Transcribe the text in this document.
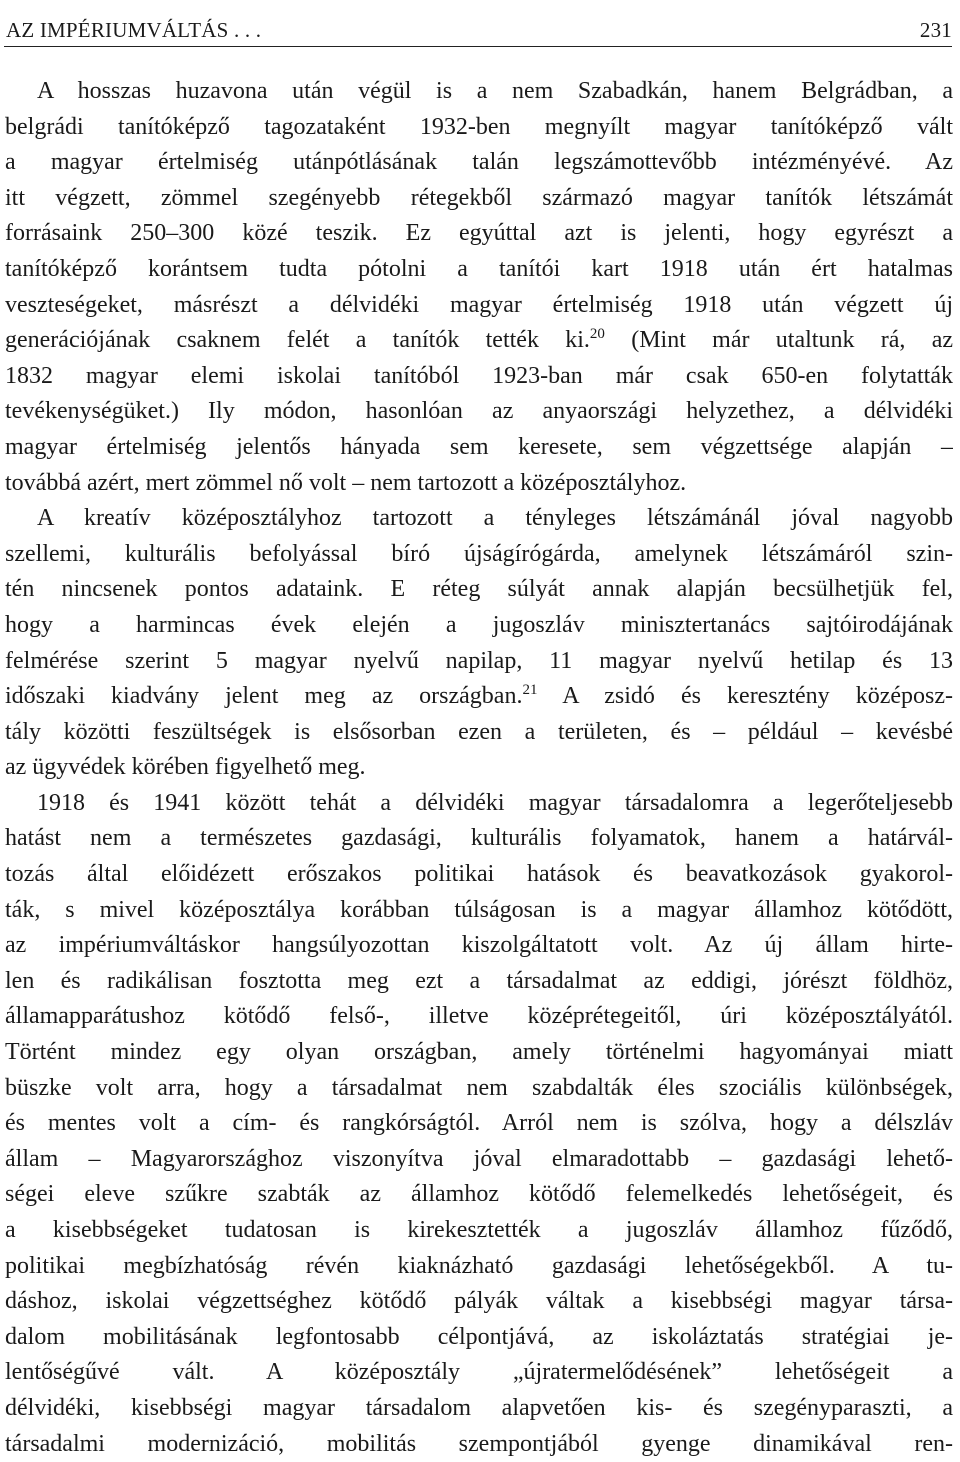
AZ IMPÉRIUMVÁLTÁS . . .	231
A hosszas huzavona után végül is a nem Szabadkán, hanem Belgrádban, a
belgrádi tanítóképző tagozataként 1932-ben megnyílt magyar tanítóképző vált
a magyar értelmiség utánpótlásának talán legszámottevőbb intézményévé. Az
itt végzett, zömmel szegényebb rétegekből származó magyar tanítók létszámát
forrásaink 250–300 közé teszik. Ez egyúttal azt is jelenti, hogy egyrészt a
tanítóképző korántsem tudta pótolni a tanítói kart 1918 után ért hatalmas
veszteségeket, másrészt a délvidéki magyar értelmiség 1918 után végzett új
generációjának csaknem felét a tanítók tették ki.$^{20}$ (Mint már utaltunk rá, az
1832 magyar elemi iskolai tanítóból 1923-ban már csak 650-en folytatták
tevékenységüket.) Ily módon, hasonlóan az anyaországi helyzethez, a délvidéki
magyar értelmiség jelentős hányada sem keresete, sem végzettsége alapján –
továbbá azért, mert zömmel nő volt – nem tartozott a középosztályhoz.
A kreatív középosztályhoz tartozott a tényleges létszámánál jóval nagyobb
szellemi, kulturális befolyással bíró újságírógárda, amelynek létszámáról szin-
tén nincsenek pontos adataink. E réteg súlyát annak alapján becsülhetjük fel,
hogy a harmincas évek elején a jugoszláv minisztertanács sajtóirodájának
felmérése szerint 5 magyar nyelvű napilap, 11 magyar nyelvű hetilap és 13
időszaki kiadvány jelent meg az országban.$^{21}$ A zsidó és keresztény középosz-
tály közötti feszültségek is elsősorban ezen a területen, és – például – kevésbé
az ügyvédek körében figyelhető meg.
1918 és 1941 között tehát a délvidéki magyar társadalomra a legerőteljesebb
hatást nem a természetes gazdasági, kulturális folyamatok, hanem a határvál-
tozás által előidézett erőszakos politikai hatások és beavatkozások gyakorol-
ták, s mivel középosztálya korábban túlságosan is a magyar államhoz kötődött,
az impériumváltáskor hangsúlyozottan kiszolgáltatott volt. Az új állam hirte-
len és radikálisan fosztotta meg ezt a társadalmat az eddigi, jórészt földhöz,
államapparátushoz kötődő felső-, illetve középrétegeitől, úri középosztályától.
Történt mindez egy olyan országban, amely történelmi hagyományai miatt
büszke volt arra, hogy a társadalmat nem szabdalták éles szociális különbségek,
és mentes volt a cím- és rangkórságtól. Arról nem is szólva, hogy a délszláv
állam – Magyarországhoz viszonyítva jóval elmaradottabb – gazdasági lehető-
ségei eleve szűkre szabták az államhoz kötődő felemelkedés lehetőségeit, és
a kisebbségeket tudatosan is kirekesztették a jugoszláv államhoz fűződő,
politikai megbízhatóság révén kiaknázható gazdasági lehetőségekből. A tu-
dáshoz, iskolai végzettséghez kötődő pályák váltak a kisebbségi magyar társa-
dalom mobilitásának legfontosabb célpontjává, az iskoláztatás stratégiai je-
lentőségűvé vált. A középosztály „újratermelődésének” lehetőségeit a
délvidéki, kisebbségi magyar társadalom alapvetően kis- és szegényparaszti, a
társadalmi modernizáció, mobilitás szempontjából gyenge dinamikával ren-
